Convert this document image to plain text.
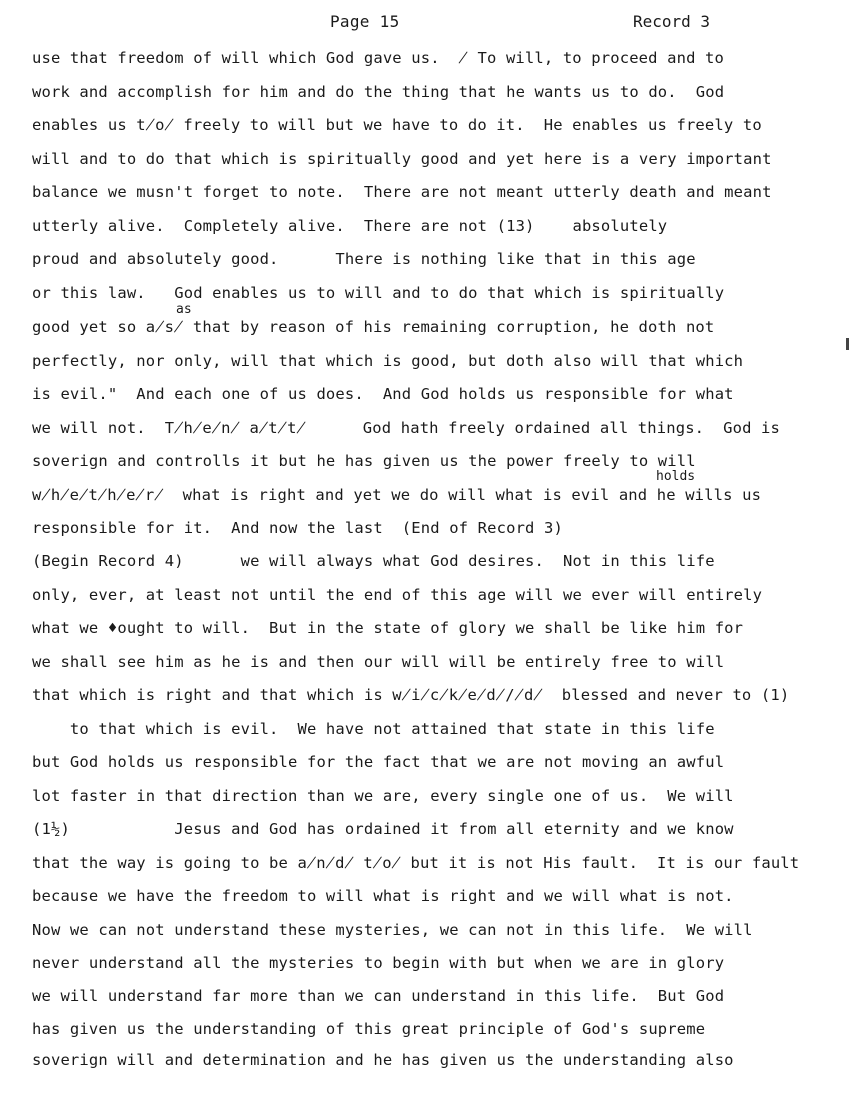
Page 15	Record 3
as
holds
use that freedom of will which God gave us.  ̸ To will, to proceed and to
work and accomplish for him and do the thing that he wants us to do.  God
enables us t̸o̸ freely to will but we have to do it.  He enables us freely to
will and to do that which is spiritually good and yet here is a very important
balance we musn't forget to note.  There are not meant utterly death and meant
utterly alive.  Completely alive.  There are not (13)    absolutely
proud and absolutely good.      There is nothing like that in this age
or this law.   God enables us to will and to do that which is spiritually
good yet so a̸s̸ that by reason of his remaining corruption, he doth not
perfectly, nor only, will that which is good, but doth also will that which
is evil."  And each one of us does.  And God holds us responsible for what
we will not.  T̸h̸e̸n̸ a̸t̸t̸      God hath freely ordained all things.  God is
soverign and controlls it but he has given us the power freely to will
w̸h̸e̸t̸h̸e̸r̸  what is right and yet we do will what is evil and he wills us
responsible for it.  And now the last  (End of Record 3)
(Begin Record 4)      we will always what God desires.  Not in this life
only, ever, at least not until the end of this age will we ever will entirely
what we ♦ought to will.  But in the state of glory we shall be like him for
we shall see him as he is and then our will will be entirely free to will
that which is right and that which is w̸i̸c̸k̸e̸d̸/̸d̸  blessed and never to (1)
to that which is evil.  We have not attained that state in this life
but God holds us responsible for the fact that we are not moving an awful
lot faster in that direction than we are, every single one of us.  We will
(1½)           Jesus and God has ordained it from all eternity and we know
that the way is going to be a̸n̸d̸ t̸o̸ but it is not His fault.  It is our fault
because we have the freedom to will what is right and we will what is not.
Now we can not understand these mysteries, we can not in this life.  We will
never understand all the mysteries to begin with but when we are in glory
we will understand far more than we can understand in this life.  But God
has given us the understanding of this great principle of God's supreme
soverign will and determination and he has given us the understanding also
